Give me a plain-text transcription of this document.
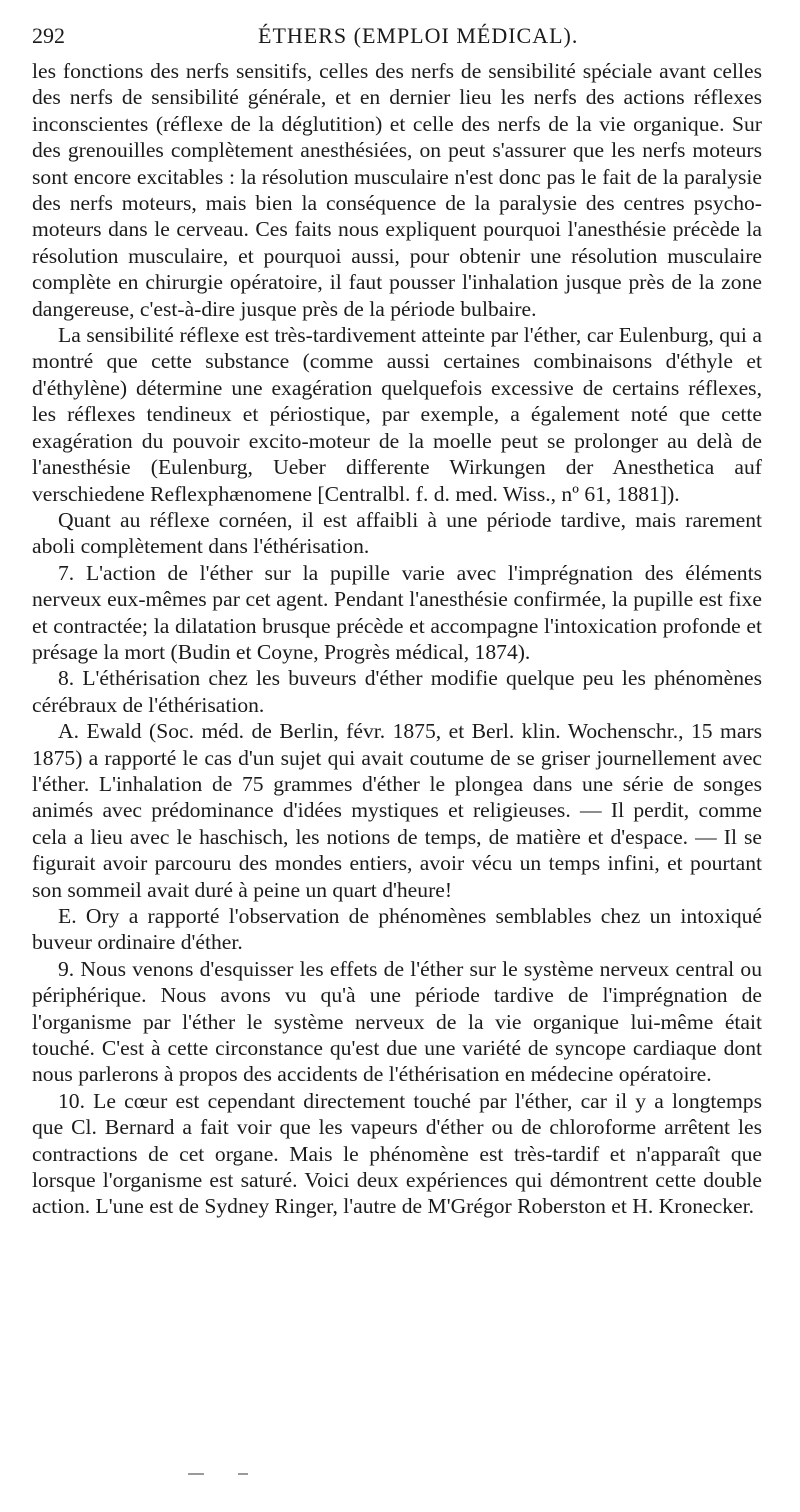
292	ÉTHERS (EMPLOI MÉDICAL).

les fonctions des nerfs sensitifs, celles des nerfs de sensibilité spéciale avant celles des nerfs de sensibilité générale, et en dernier lieu les nerfs des actions réflexes inconscientes (réflexe de la déglutition) et celle des nerfs de la vie organique. Sur des grenouilles complètement anesthésiées, on peut s'assurer que les nerfs moteurs sont encore excitables : la résolution musculaire n'est donc pas le fait de la paralysie des nerfs moteurs, mais bien la conséquence de la paralysie des centres psycho-moteurs dans le cerveau. Ces faits nous expliquent pourquoi l'anesthésie précède la résolution musculaire, et pourquoi aussi, pour obtenir une résolution musculaire complète en chirurgie opératoire, il faut pousser l'inhalation jusque près de la zone dangereuse, c'est-à-dire jusque près de la période bulbaire.

La sensibilité réflexe est très-tardivement atteinte par l'éther, car Eulenburg, qui a montré que cette substance (comme aussi certaines combinaisons d'éthyle et d'éthylène) détermine une exagération quelquefois excessive de certains réflexes, les réflexes tendineux et périostique, par exemple, a également noté que cette exagération du pouvoir excito-moteur de la moelle peut se prolonger au delà de l'anesthésie (Eulenburg, Ueber differente Wirkungen der Anesthetica auf verschiedene Reflexphænomene [Centralbl. f. d. med. Wiss., nº 61, 1881]).

Quant au réflexe cornéen, il est affaibli à une période tardive, mais rarement aboli complètement dans l'éthérisation.

7. L'action de l'éther sur la pupille varie avec l'imprégnation des éléments nerveux eux-mêmes par cet agent. Pendant l'anesthésie confirmée, la pupille est fixe et contractée; la dilatation brusque précède et accompagne l'intoxication profonde et présage la mort (Budin et Coyne, Progrès médical, 1874).

8. L'éthérisation chez les buveurs d'éther modifie quelque peu les phénomènes cérébraux de l'éthérisation.

A. Ewald (Soc. méd. de Berlin, févr. 1875, et Berl. klin. Wochenschr., 15 mars 1875) a rapporté le cas d'un sujet qui avait coutume de se griser journellement avec l'éther. L'inhalation de 75 grammes d'éther le plongea dans une série de songes animés avec prédominance d'idées mystiques et religieuses. — Il perdit, comme cela a lieu avec le haschisch, les notions de temps, de matière et d'espace. — Il se figurait avoir parcouru des mondes entiers, avoir vécu un temps infini, et pourtant son sommeil avait duré à peine un quart d'heure!

E. Ory a rapporté l'observation de phénomènes semblables chez un intoxiqué buveur ordinaire d'éther.

9. Nous venons d'esquisser les effets de l'éther sur le système nerveux central ou périphérique. Nous avons vu qu'à une période tardive de l'imprégnation de l'organisme par l'éther le système nerveux de la vie organique lui-même était touché. C'est à cette circonstance qu'est due une variété de syncope cardiaque dont nous parlerons à propos des accidents de l'éthérisation en médecine opératoire.

10. Le cœur est cependant directement touché par l'éther, car il y a longtemps que Cl. Bernard a fait voir que les vapeurs d'éther ou de chloroforme arrêtent les contractions de cet organe. Mais le phénomène est très-tardif et n'apparaît que lorsque l'organisme est saturé. Voici deux expériences qui démontrent cette double action. L'une est de Sydney Ringer, l'autre de M'Grégor Roberston et H. Kronecker.
